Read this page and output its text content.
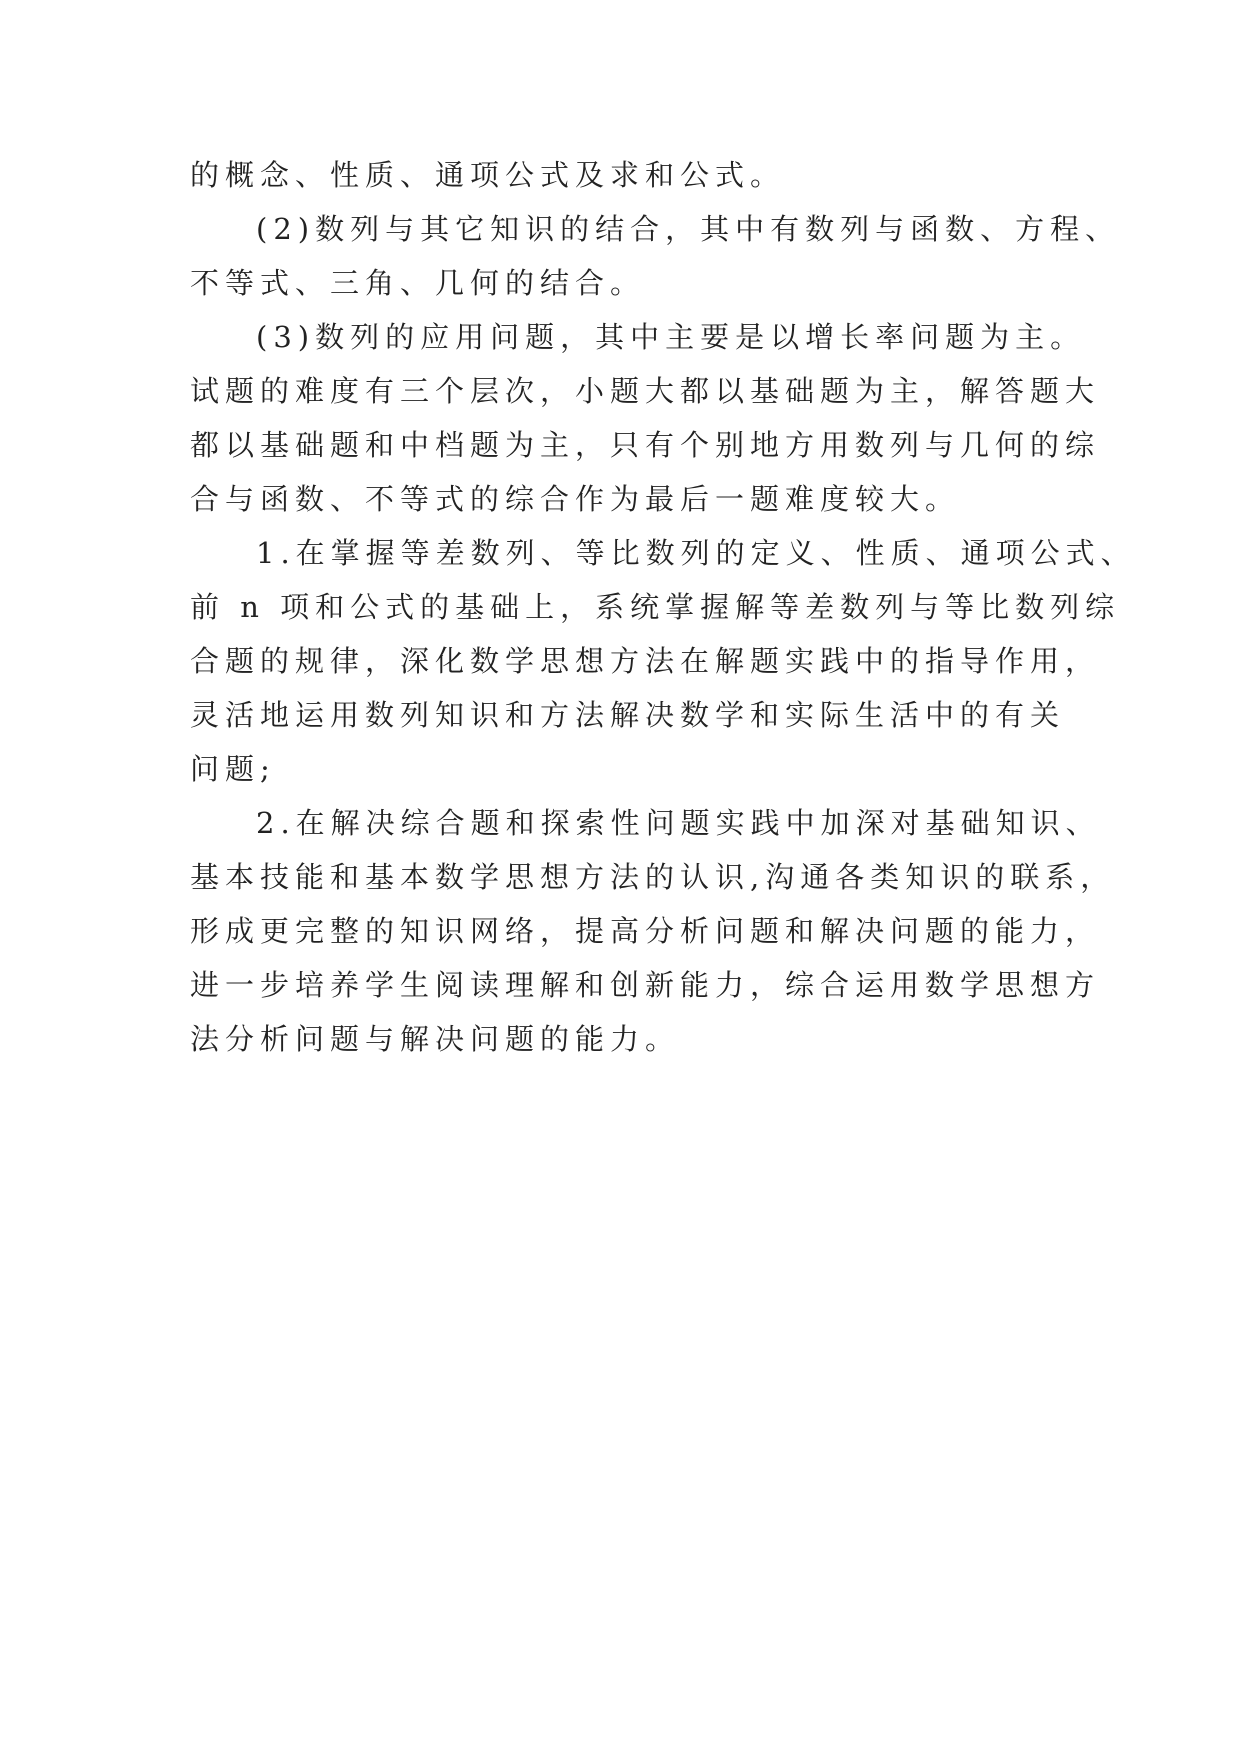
的概念、性质、通项公式及求和公式。
(2)数列与其它知识的结合，其中有数列与函数、方程、
不等式、三角、几何的结合。
(3)数列的应用问题，其中主要是以增长率问题为主。
试题的难度有三个层次，小题大都以基础题为主，解答题大
都以基础题和中档题为主，只有个别地方用数列与几何的综
合与函数、不等式的综合作为最后一题难度较大。
1.在掌握等差数列、等比数列的定义、性质、通项公式、
前 n 项和公式的基础上，系统掌握解等差数列与等比数列综
合题的规律，深化数学思想方法在解题实践中的指导作用，
灵活地运用数列知识和方法解决数学和实际生活中的有关
问题;
2.在解决综合题和探索性问题实践中加深对基础知识、
基本技能和基本数学思想方法的认识,沟通各类知识的联系，
形成更完整的知识网络，提高分析问题和解决问题的能力，
进一步培养学生阅读理解和创新能力，综合运用数学思想方
法分析问题与解决问题的能力。
